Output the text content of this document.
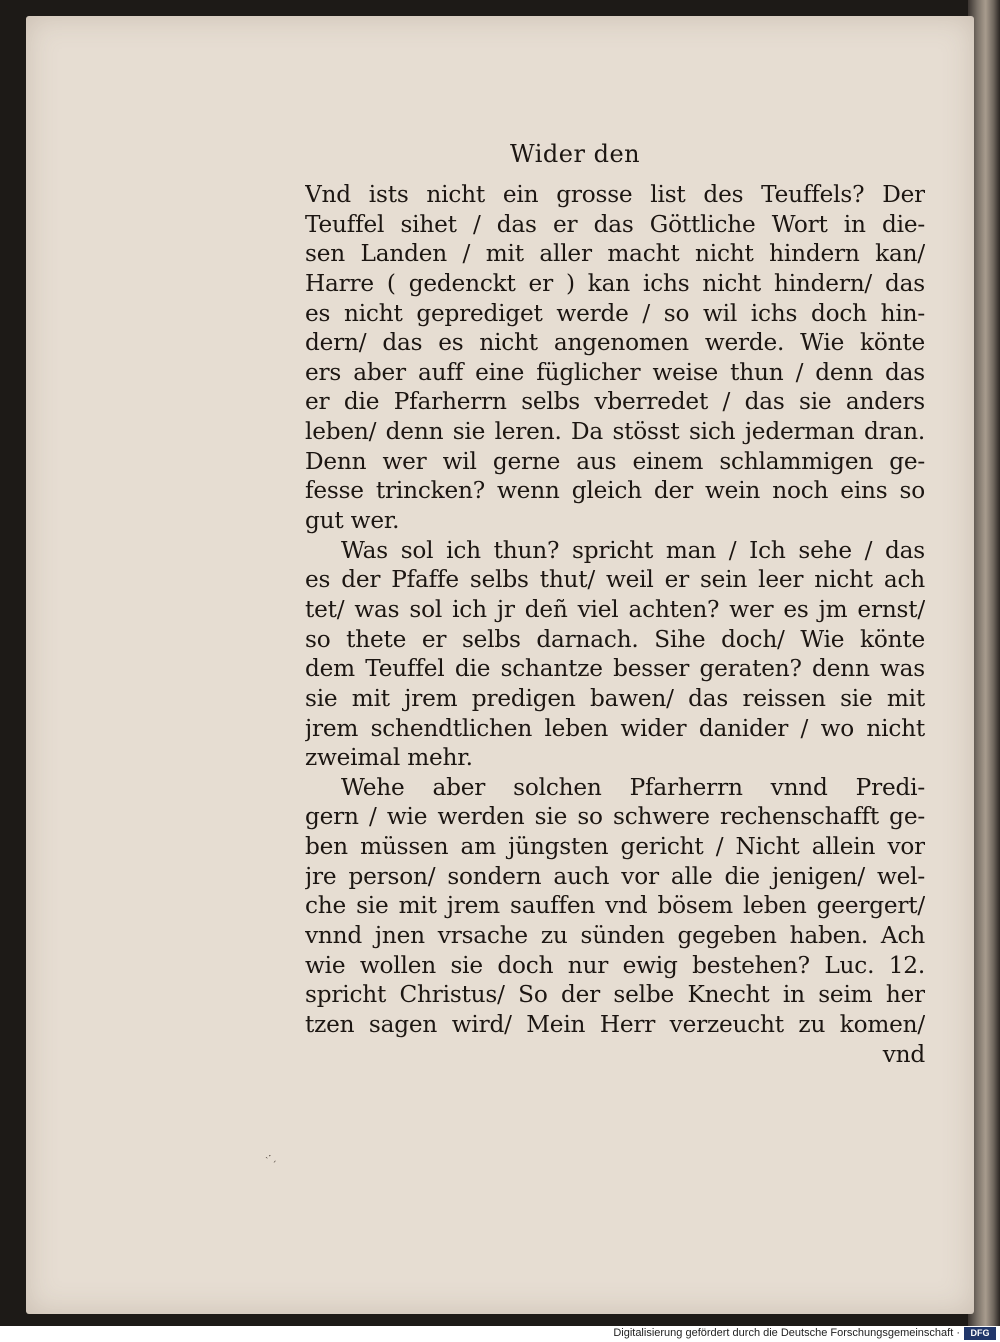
Wider den
Vnd ists nicht ein grosse list des Teuffels? Der
Teuffel sihet / das er das Göttliche Wort in die-
sen Landen / mit aller macht nicht hindern kan/
Harre ( gedenckt er ) kan ichs nicht hindern/ das
es nicht geprediget werde / so wil ichs doch hin-
dern/ das es nicht angenomen werde. Wie könte
ers aber auff eine füglicher weise thun / denn das
er die Pfarherrn selbs vberredet / das sie anders
leben/ denn sie leren. Da stösst sich jederman dran.
Denn wer wil gerne aus einem schlammigen ge-
fesse trincken? wenn gleich der wein noch eins so
gut wer.
Was sol ich thun? spricht man / Ich sehe / das
es der Pfaffe selbs thut/ weil er sein leer nicht ach
tet/ was sol ich jr deñ viel achten? wer es jm ernst/
so thete er selbs darnach. Sihe doch/ Wie könte
dem Teuffel die schantze besser geraten? denn was
sie mit jrem predigen bawen/ das reissen sie mit
jrem schendtlichen leben wider danider / wo nicht
zweimal mehr.
Wehe aber solchen Pfarherrn vnnd Predi-
gern / wie werden sie so schwere rechenschafft ge-
ben müssen am jüngsten gericht / Nicht allein vor
jre person/ sondern auch vor alle die jenigen/ wel-
che sie mit jrem sauffen vnd bösem leben geergert/
vnnd jnen vrsache zu sünden gegeben haben. Ach
wie wollen sie doch nur ewig bestehen? Luc. 12.
spricht Christus/ So der selbe Knecht in seim her
tzen sagen wird/ Mein Herr verzeucht zu komen/
vnd
˴ˑˏ
Digitalisierung gefördert durch die Deutsche Forschungsgemeinschaft ·	DFG
